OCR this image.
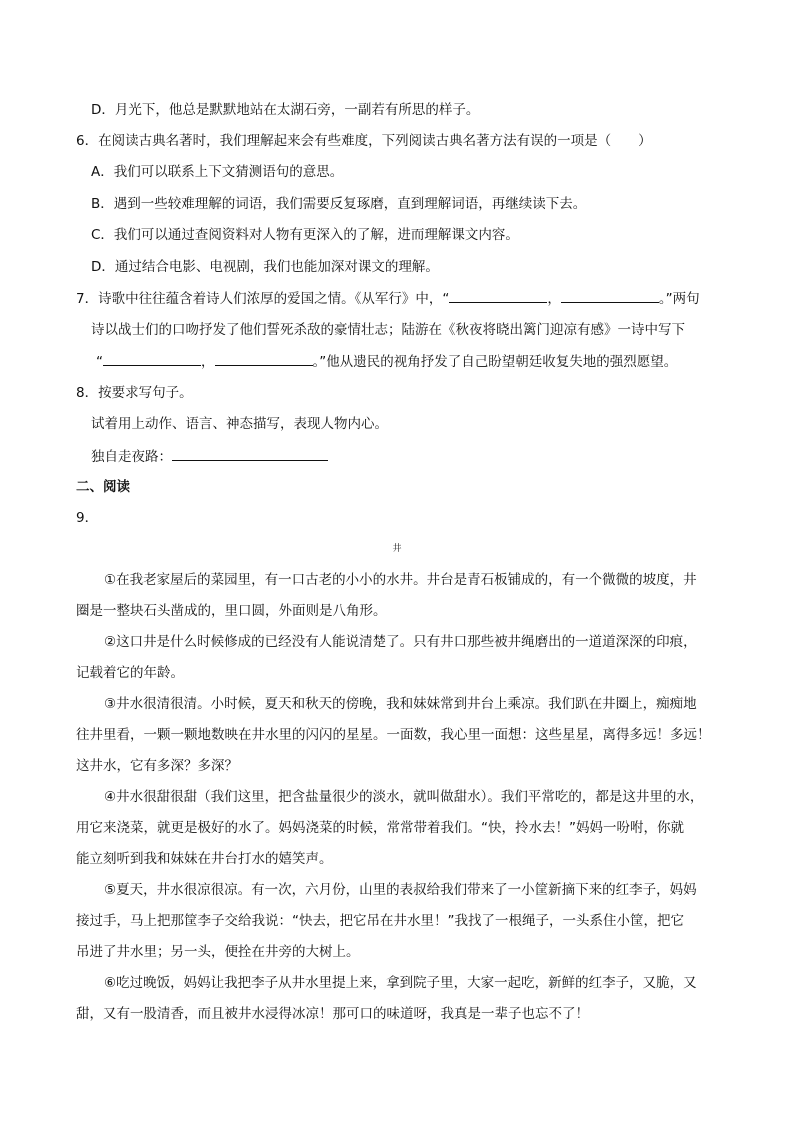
D．月光下，他总是默默地站在太湖石旁，一副若有所思的样子。
6．在阅读古典名著时，我们理解起来会有些难度，下列阅读古典名著方法有误的一项是（　　）
A．我们可以联系上下文猜测语句的意思。
B．遇到一些较难理解的词语，我们需要反复琢磨，直到理解词语，再继续读下去。
C．我们可以通过查阅资料对人物有更深入的了解，进而理解课文内容。
D．通过结合电影、电视剧，我们也能加深对课文的理解。
7．诗歌中往往蕴含着诗人们浓厚的爱国之情。《从军行》中，“	，	。”两句
诗以战士们的口吻抒发了他们誓死杀敌的豪情壮志；陆游在《秋夜将晓出篱门迎凉有感》一诗中写下
“	，	。”他从遗民的视角抒发了自己盼望朝廷收复失地的强烈愿望。
8．按要求写句子。
试着用上动作、语言、神态描写，表现人物内心。
独自走夜路：
二、阅读
9．
井
①在我老家屋后的菜园里，有一口古老的小小的水井。井台是青石板铺成的，有一个微微的坡度，井
圈是一整块石头凿成的，里口圆，外面则是八角形。
②这口井是什么时候修成的已经没有人能说清楚了。只有井口那些被井绳磨出的一道道深深的印痕，
记载着它的年龄。
③井水很清很清。小时候，夏天和秋天的傍晚，我和妹妹常到井台上乘凉。我们趴在井圈上，痴痴地
往井里看，一颗一颗地数映在井水里的闪闪的星星。一面数，我心里一面想：这些星星，离得多远！多远！
这井水，它有多深？多深？
④井水很甜很甜（我们这里，把含盐量很少的淡水，就叫做甜水）。我们平常吃的，都是这井里的水，
用它来浇菜，就更是极好的水了。妈妈浇菜的时候，常常带着我们。“快，拎水去！”妈妈一吩咐，你就
能立刻听到我和妹妹在井台打水的嬉笑声。
⑤夏天，井水很凉很凉。有一次，六月份，山里的表叔给我们带来了一小筐新摘下来的红李子，妈妈
接过手，马上把那筐李子交给我说：“快去，把它吊在井水里！”我找了一根绳子，一头系住小筐，把它
吊进了井水里；另一头，便拴在井旁的大树上。
⑥吃过晚饭，妈妈让我把李子从井水里提上来，拿到院子里，大家一起吃，新鲜的红李子，又脆，又
甜，又有一股清香，而且被井水浸得冰凉！那可口的味道呀，我真是一辈子也忘不了！
